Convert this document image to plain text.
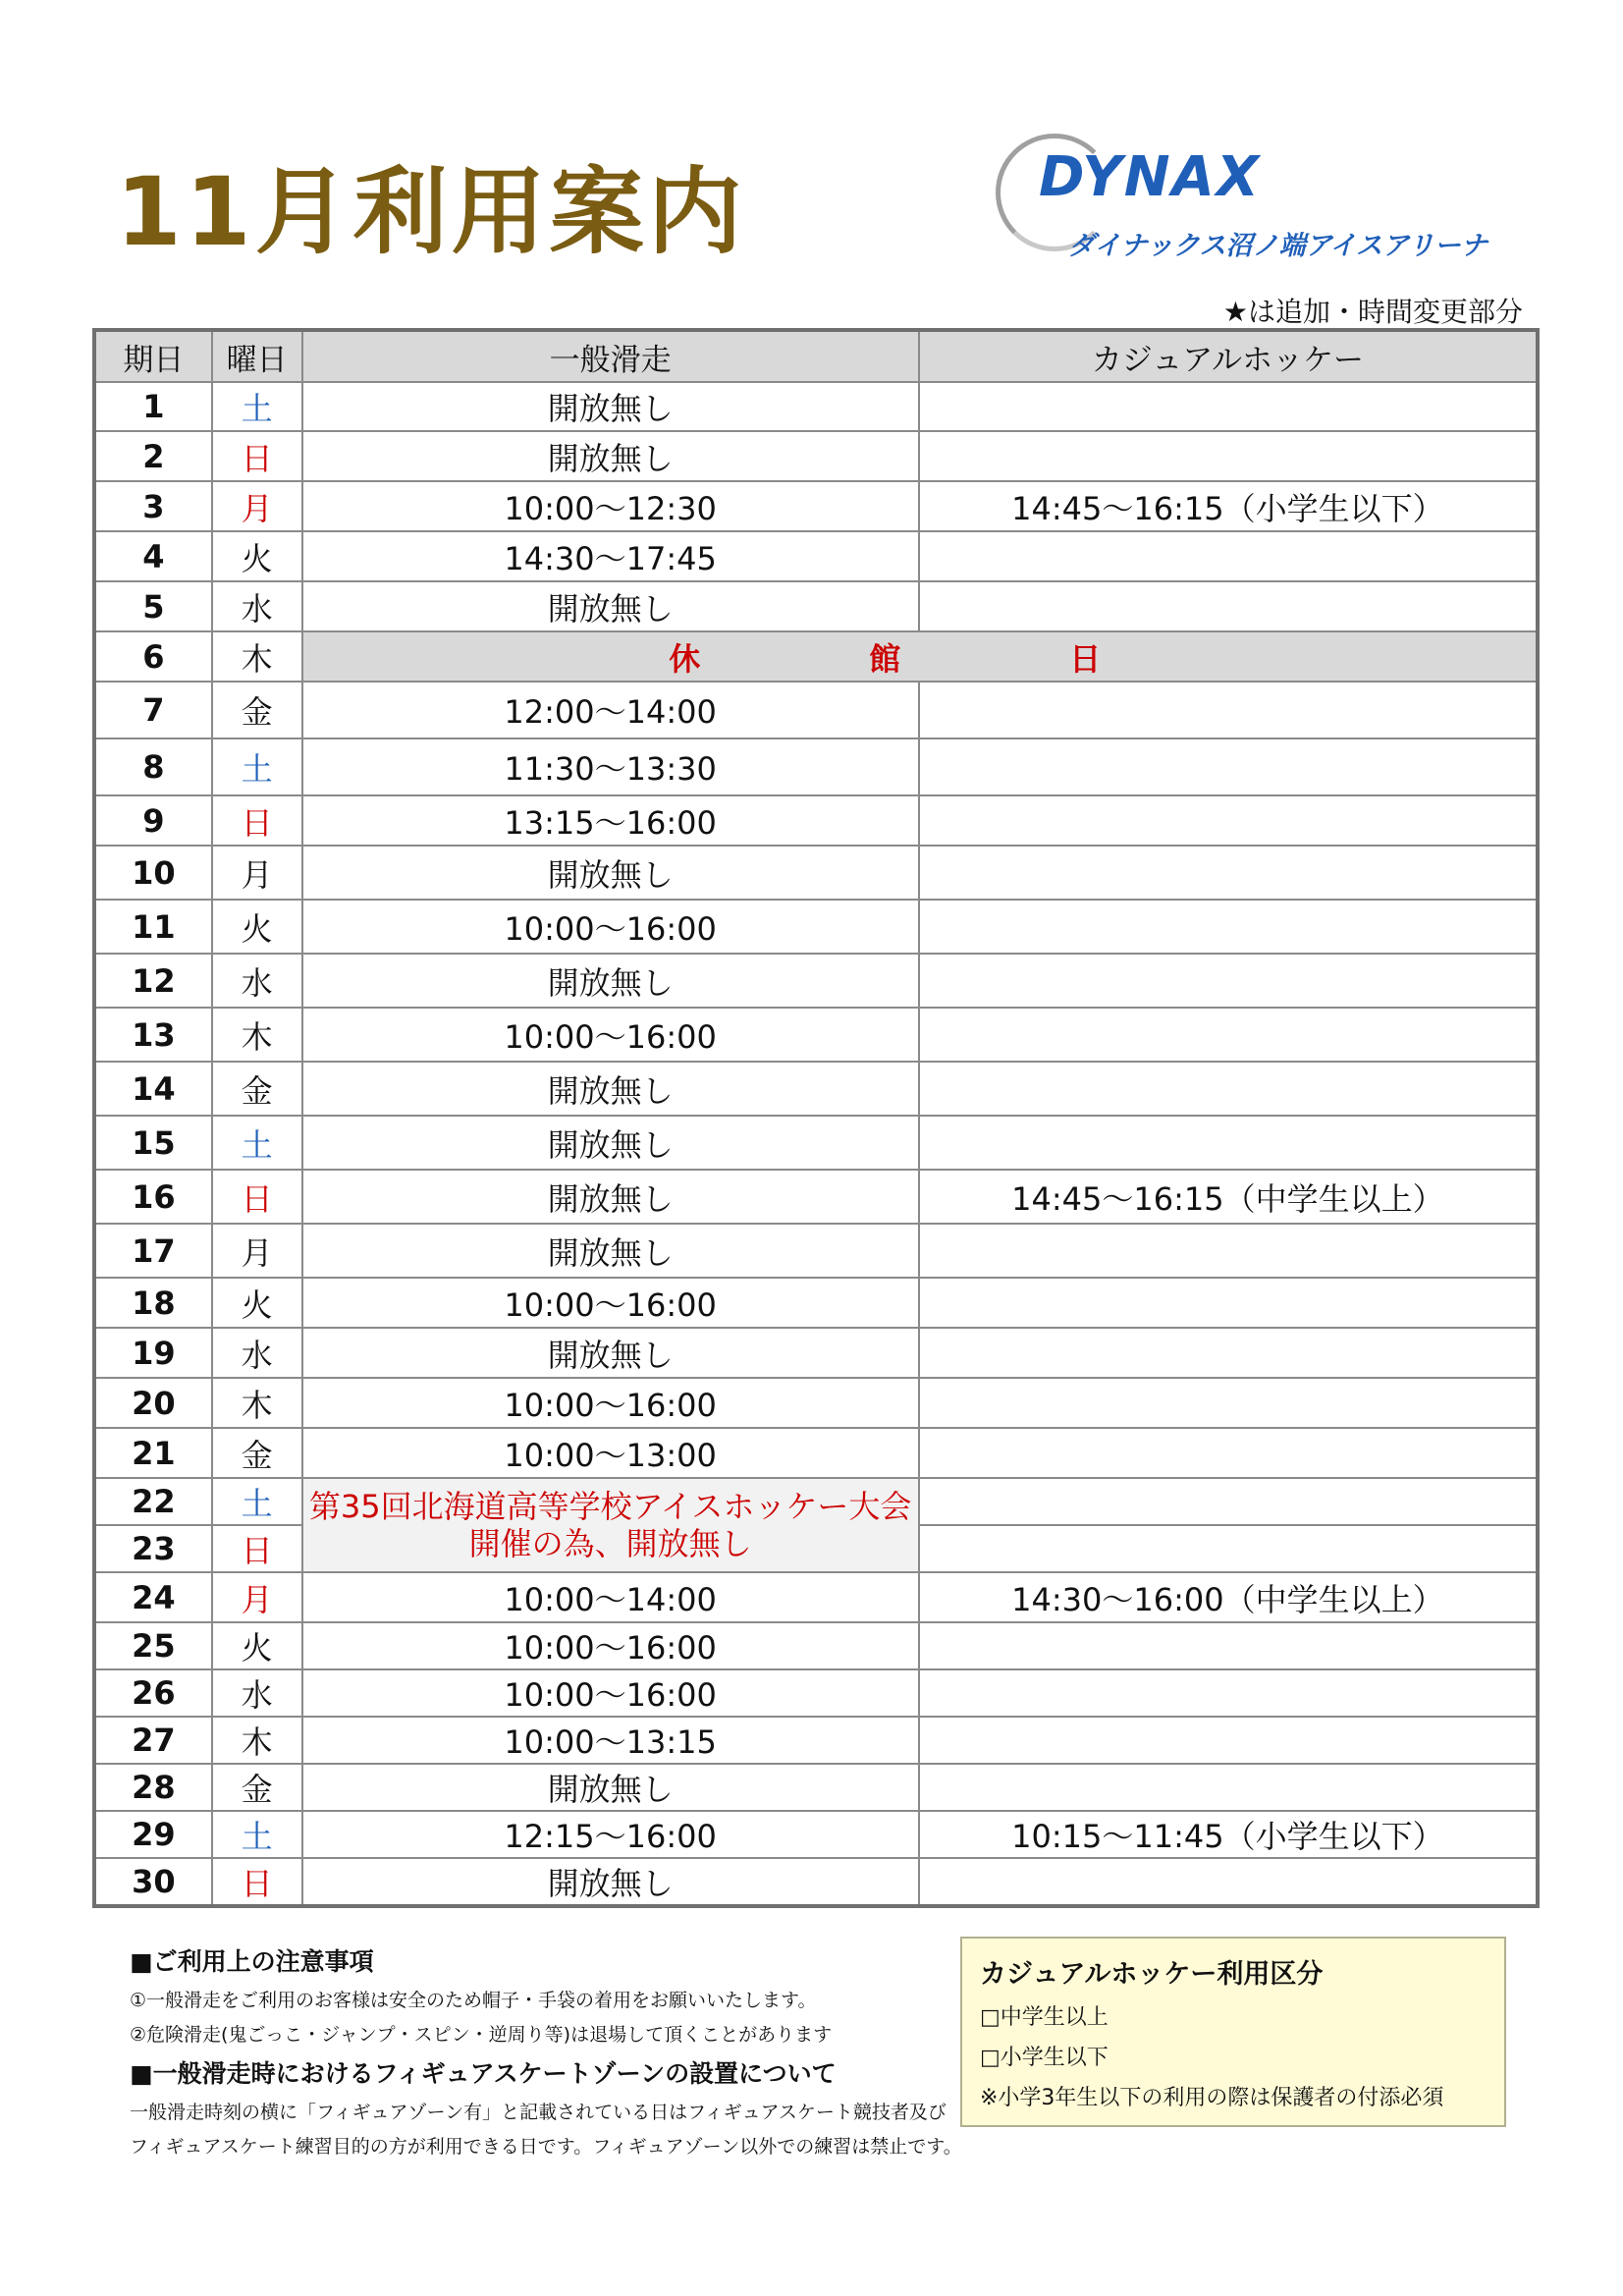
11月利用案内	DYNAX
ダイナックス沼ノ端アイスアリーナ
★は追加・時間変更部分
期日	曜日	一般滑走	カジュアルホッケー
1	土	開放無し	
2	日	開放無し	
3	月	10:00～12:30	14:45～16:15（小学生以下）
4	火	14:30～17:45	
5	水	開放無し	
6	木	休　館　日	
7	金	12:00～14:00	
8	土	11:30～13:30	
9	日	13:15～16:00	
10	月	開放無し	
11	火	10:00～16:00	
12	水	開放無し	
13	木	10:00～16:00	
14	金	開放無し	
15	土	開放無し	
16	日	開放無し	14:45～16:15（中学生以上）
17	月	開放無し	
18	火	10:00～16:00	
19	水	開放無し	
20	木	10:00～16:00	
21	金	10:00～13:00	
22	土	第35回北海道高等学校アイスホッケー大会
開催の為、開放無し	

23	日		
24	月	10:00～14:00	14:30～16:00（中学生以上）
25	火	10:00～16:00	
26	水	10:00～16:00	
27	木	10:00～13:15	
28	金	開放無し	
29	土	12:15～16:00	10:15～11:45（小学生以下）
30	日	開放無し	
■ご利用上の注意事項
①一般滑走をご利用のお客様は安全のため帽子・手袋の着用をお願いいたします。
②危険滑走(鬼ごっこ・ジャンプ・スピン・逆周り等)は退場して頂くことがあります
■一般滑走時におけるフィギュアスケートゾーンの設置について
一般滑走時刻の横に「フィギュアゾーン有」と記載されている日はフィギュアスケート競技者及び
フィギュアスケート練習目的の方が利用できる日です。フィギュアゾーン以外での練習は禁止です。
カジュアルホッケー利用区分
□中学生以上
□小学生以下
※小学3年生以下の利用の際は保護者の付添必須
